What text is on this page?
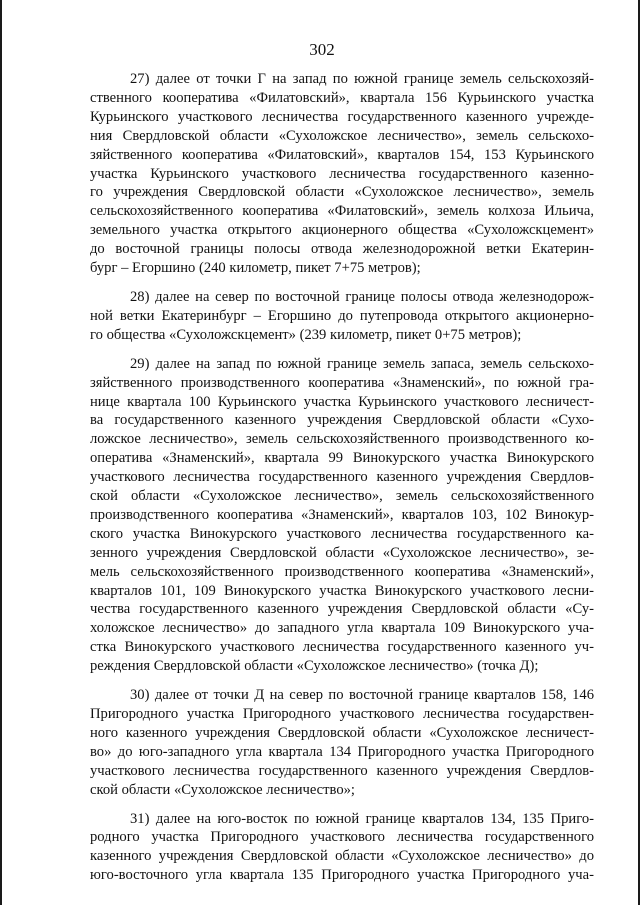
302

27) далее от точки Г на запад по южной границе земель сельскохозяй-
ственного кооператива «Филатовский», квартала 156 Курьинского участка
Курьинского участкового лесничества государственного казенного учрежде-
ния Свердловской области «Сухоложское лесничество», земель сельскохо-
зяйственного кооператива «Филатовский», кварталов 154, 153 Курьинского
участка Курьинского участкового лесничества государственного казенно-
го учреждения Свердловской области «Сухоложское лесничество», земель
сельскохозяйственного кооператива «Филатовский», земель колхоза Ильича,
земельного участка открытого акционерного общества «Сухоложскцемент»
до восточной границы полосы отвода железнодорожной ветки Екатерин-
бург – Егоршино (240 километр, пикет 7+75 метров);

28) далее на север по восточной границе полосы отвода железнодорож-
ной ветки Екатеринбург – Егоршино до путепровода открытого акционерно-
го общества «Сухоложскцемент» (239 километр, пикет 0+75 метров);

29) далее на запад по южной границе земель запаса, земель сельскохо-
зяйственного производственного кооператива «Знаменский», по южной гра-
нице квартала 100 Курьинского участка Курьинского участкового лесничест-
ва государственного казенного учреждения Свердловской области «Сухо-
ложское лесничество», земель сельскохозяйственного производственного ко-
оператива «Знаменский», квартала 99 Винокурского участка Винокурского
участкового лесничества государственного казенного учреждения Свердлов-
ской области «Сухоложское лесничество», земель сельскохозяйственного
производственного кооператива «Знаменский», кварталов 103, 102 Винокур-
ского участка Винокурского участкового лесничества государственного ка-
зенного учреждения Свердловской области «Сухоложское лесничество», зе-
мель сельскохозяйственного производственного кооператива «Знаменский»,
кварталов 101, 109 Винокурского участка Винокурского участкового лесни-
чества государственного казенного учреждения Свердловской области «Су-
холожское лесничество» до западного угла квартала 109 Винокурского уча-
стка Винокурского участкового лесничества государственного казенного уч-
реждения Свердловской области «Сухоложское лесничество» (точка Д);

30) далее от точки Д на север по восточной границе кварталов 158, 146
Пригородного участка Пригородного участкового лесничества государствен-
ного казенного учреждения Свердловской области «Сухоложское лесничест-
во» до юго-западного угла квартала 134 Пригородного участка Пригородного
участкового лесничества государственного казенного учреждения Свердлов-
ской области «Сухоложское лесничество»;

31) далее на юго-восток по южной границе кварталов 134, 135 Приго-
родного участка Пригородного участкового лесничества государственного
казенного учреждения Свердловской области «Сухоложское лесничество» до
юго-восточного угла квартала 135 Пригородного участка Пригородного уча-
